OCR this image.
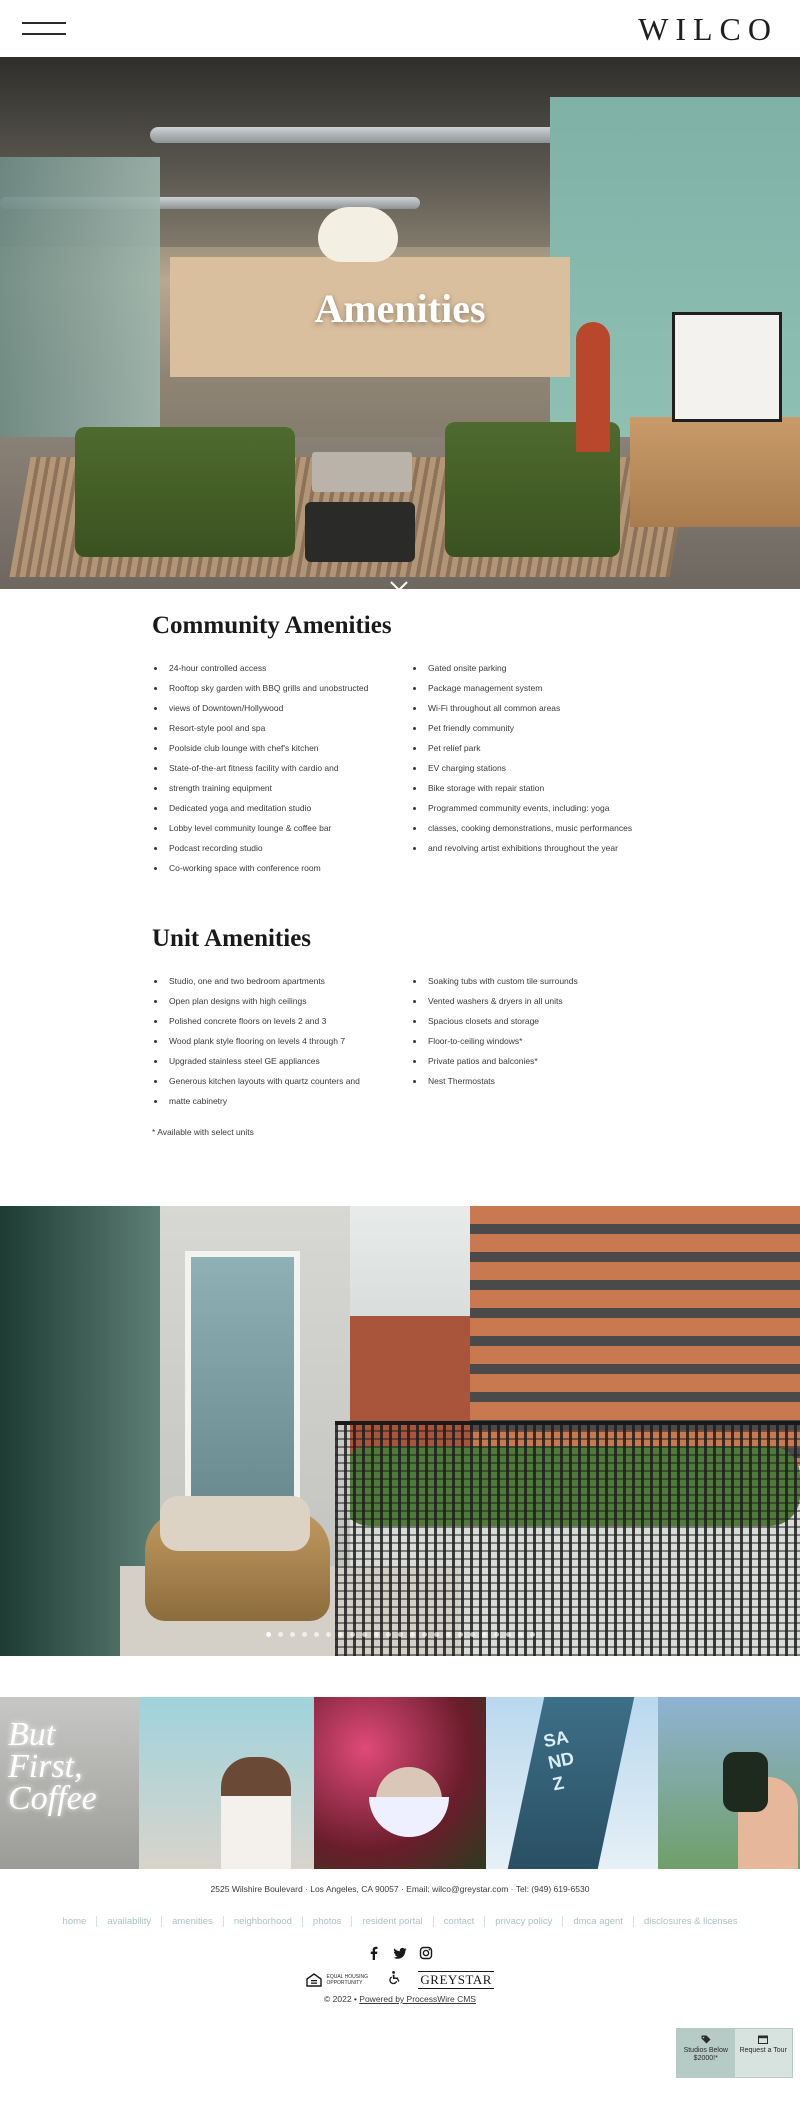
WILCO
Amenities
Community Amenities
24-hour controlled access
Rooftop sky garden with BBQ grills and unobstructed
views of Downtown/Hollywood
Resort-style pool and spa
Poolside club lounge with chef's kitchen
State-of-the-art fitness facility with cardio and
strength training equipment
Dedicated yoga and meditation studio
Lobby level community lounge & coffee bar
Podcast recording studio
Co-working space with conference room
Gated onsite parking
Package management system
Wi-Fi throughout all common areas
Pet friendly community
Pet relief park
EV charging stations
Bike storage with repair station
Programmed community events, including: yoga
classes, cooking demonstrations, music performances
and revolving artist exhibitions throughout the year
Unit Amenities
Studio, one and two bedroom apartments
Open plan designs with high ceilings
Polished concrete floors on levels 2 and 3
Wood plank style flooring on levels 4 through 7
Upgraded stainless steel GE appliances
Generous kitchen layouts with quartz counters and
matte cabinetry
Soaking tubs with custom tile surrounds
Vented washers & dryers in all units
Spacious closets and storage
Floor-to-ceiling windows*
Private patios and balconies*
Nest Thermostats
* Available with select units
But First, Coffee
SANDZ
2525 Wilshire Boulevard · Los Angeles, CA 90057 · Email: wilco@greystar.com · Tel: (949) 619-6530
home availability amenities neighborhood photos resident portal contact privacy policy dmca agent disclosures & licenses

EQUAL HOUSING OPPORTUNITY	GREYSTAR
© 2022 • Powered by ProcessWire CMS
Studios Below $2000!*
Request a Tour
